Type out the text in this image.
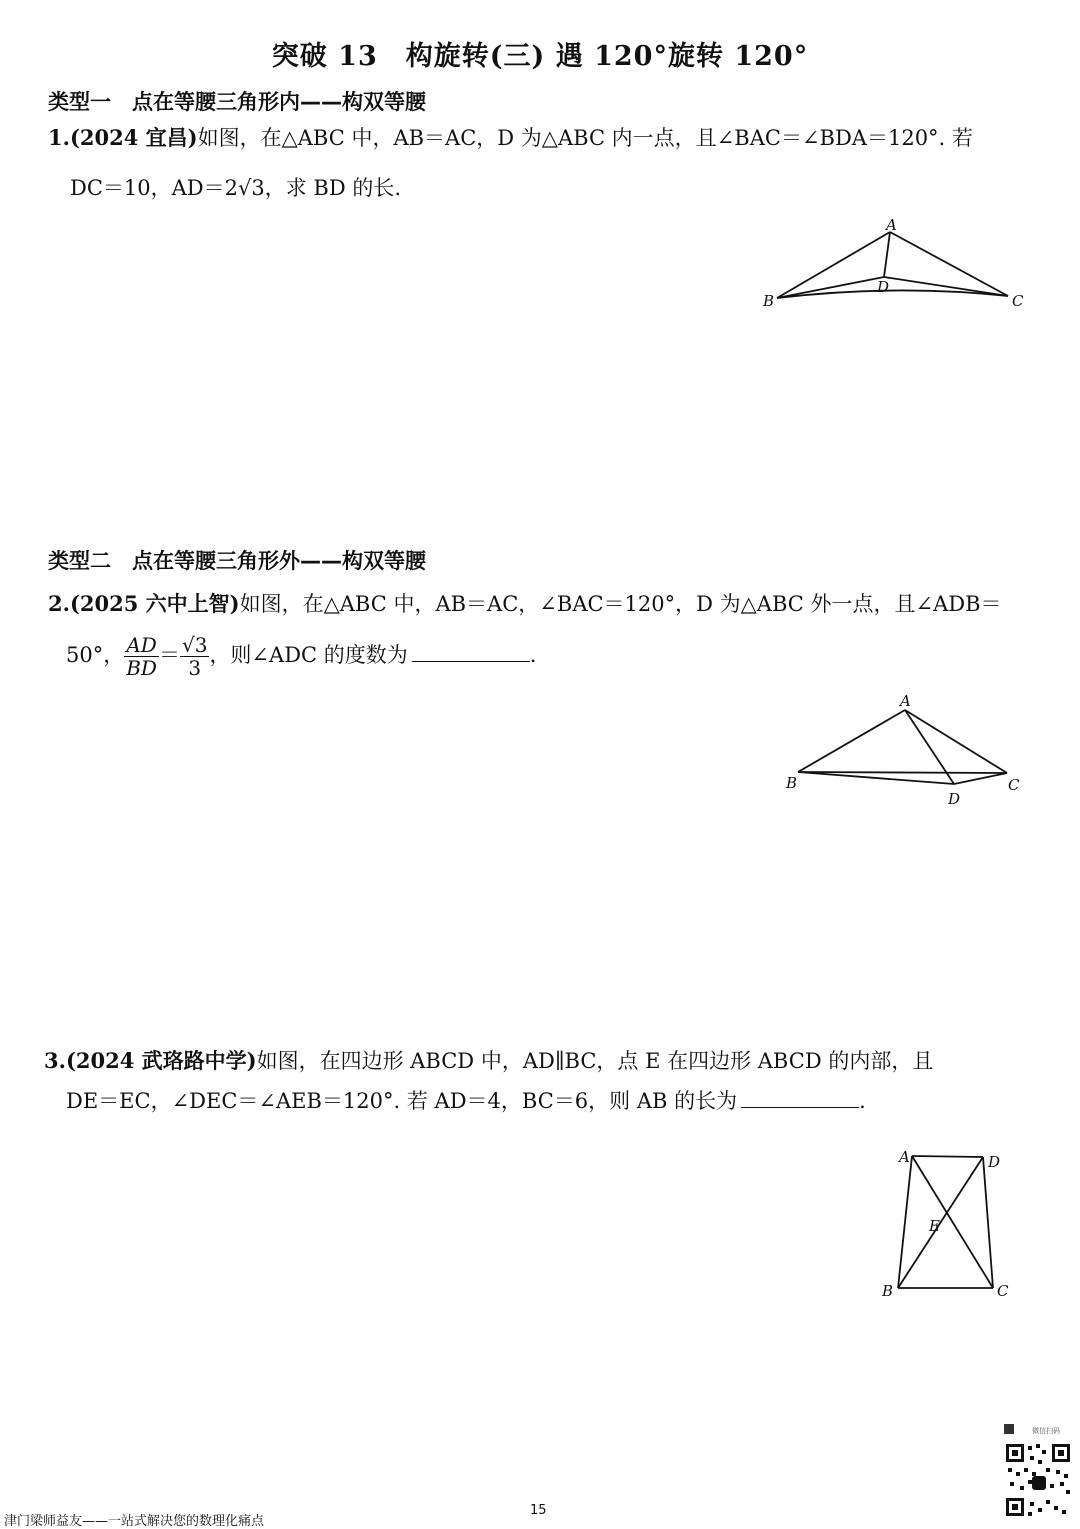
突破 13　构旋转(三) 遇 120°旋转 120°
类型一　点在等腰三角形内——构双等腰
1.(2024 宜昌)如图，在△ABC 中，AB＝AC，D 为△ABC 内一点，且∠BAC＝∠BDA＝120°. 若
DC＝10，AD＝2√3，求 BD 的长.
A
B	C
D
类型二　点在等腰三角形外——构双等腰
2.(2025 六中上智)如图，在△ABC 中，AB＝AC，∠BAC＝120°，D 为△ABC 外一点，且∠ADB＝
50°， $\frac{AD}{BD} = \frac{√3}{3}$ ，则∠ADC 的度数为	.
A
B	C
D
3.(2024 武珞路中学)如图，在四边形 ABCD 中，AD∥BC，点 E 在四边形 ABCD 的内部，且
DE＝EC，∠DEC＝∠AEB＝120°. 若 AD＝4，BC＝6，则 AB 的长为	.
A	D
E
B	C
微信扫码
15
津门梁师益友——一站式解决您的数理化痛点
